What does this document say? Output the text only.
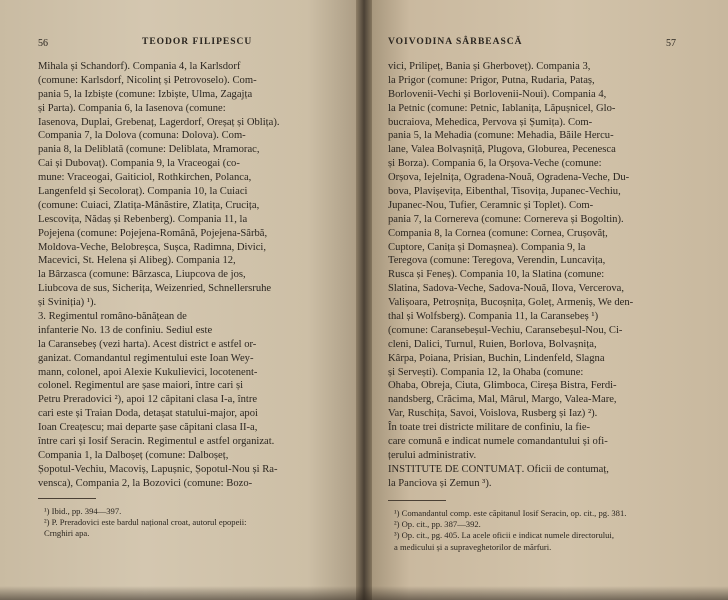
56	TEODOR FILIPESCU
Mihala și Schandorf). Compania 4, la Karlsdorf
(comune: Karlsdorf, Nicolinț și Petrovoselo). Com-
pania 5, la Izbiște (comune: Izbiște, Ulma, Zagajța
și Parta). Compania 6, la Iasenova (comune:
Iasenova, Duplai, Grebenaț, Lagerdorf, Oreșaț și Oblița).
Compania 7, la Dolova (comuna: Dolova). Com-
pania 8, la Deliblată (comune: Deliblata, Mramorac,
Cai și Dubovaț). Compania 9, la Vraceogai (co-
mune: Vraceogai, Gaiticiol, Rothkirchen, Polanca,
Langenfeld și Secoloraț). Compania 10, la Cuiaci
(comune: Cuiaci, Zlatița-Mânăstire, Zlatița, Crucița,
Lescovița, Nădaș și Rebenberg). Compania 11, la
Pojejena (comune: Pojejena-Română, Pojejena-Sârbă,
Moldova-Veche, Belobreșca, Sușca, Radimna, Divici,
Macevici, St. Helena și Alibeg). Compania 12,
la Bârzasca (comune: Bârzasca, Liupcova de jos,
Liubcova de sus, Sicherița, Weizenried, Schnellersruhe
și Sviniția) ¹).
3. Regimentul româno-bănățean de
infanterie No. 13 de confiniu. Sediul este
la Caransebeș (vezi harta). Acest district e astfel or-
ganizat. Comandantul regimentului este Ioan Wey-
mann, colonel, apoi Alexie Kukulievici, locotenent-
colonel. Regimentul are șase maiori, între cari și
Petru Preradovici ²), apoi 12 căpitani clasa I-a, între
cari este și Traian Doda, detașat statului-major, apoi
Ioan Creațescu; mai departe șase căpitani clasa II-a,
între cari și Iosif Seracin. Regimentul e astfel organizat.
Compania 1, la Dalboșeț (comune: Dalboșeț,
Șopotul-Vechiu, Macoviș, Lapușnic, Șopotul-Nou și Ra-
vensca), Compania 2, la Bozovici (comune: Bozo-
¹) Ibid., pp. 394—397.
²) P. Preradovici este bardul național croat, autorul epopeii:
Crnghiri apa.
VOIVODINA SÂRBEASCĂ	57
vici, Prilipeț, Bania și Gherboveț). Compania 3,
la Prigor (comune: Prigor, Putna, Rudaria, Pataș,
Borlovenii-Vechi și Borlovenii-Noui). Compania 4,
la Petnic (comune: Petnic, Iablanița, Lăpușnicel, Glo-
bucraiova, Mehedica, Pervova și Șumița). Com-
pania 5, la Mehadia (comune: Mehadia, Băile Hercu-
lane, Valea Bolvașniță, Plugova, Globurea, Pecenesca
și Borza). Compania 6, la Orșova-Veche (comune:
Orșova, Iejelnița, Ogradena-Nouă, Ogradena-Veche, Du-
bova, Plavișevița, Eibenthal, Tisovița, Jupanec-Vechiu,
Jupanec-Nou, Tufier, Ceramnic și Toplet). Com-
pania 7, la Cornereva (comune: Cornereva și Bogoltin).
Compania 8, la Cornea (comune: Cornea, Crușovăț,
Cuptore, Canița și Domașnea). Compania 9, la
Teregova (comune: Teregova, Verendin, Luncavița,
Rusca și Feneș). Compania 10, la Slatina (comune:
Slatina, Sadova-Veche, Sadova-Nouă, Ilova, Vercerova,
Valișoara, Petroșnița, Bucoșnița, Goleț, Armeniș, We den-
thal și Wolfsberg). Compania 11, la Caransebeș ¹)
(comune: Caransebeșul-Vechiu, Caransebeșul-Nou, Ci-
cleni, Dalici, Turnul, Ruien, Borlova, Bolvașnița,
Kârpa, Poiana, Prisian, Buchin, Lindenfeld, Slagna
și Servești). Compania 12, la Ohaba (comune:
Ohaba, Obreja, Ciuta, Glimboca, Cireșa Bistra, Ferdi-
nandsberg, Crăcima, Mal, Mârul, Margo, Valea-Mare,
Var, Ruschița, Savoi, Voislova, Rusberg și Iaz) ²).
În toate trei districte militare de confiniu, la fie-
care comună e indicat numele comandantului și ofi-
țerului administrativ.
INSTITUTE DE CONTUMAȚ. Oficii de contumaț,
la Panciova și Zemun ³).
¹) Comandantul comp. este căpitanul Iosif Seracin, op. cit., pg. 381.
²) Op. cit., pp. 387—392.
³) Op. cit., pg. 405. La acele oficii e indicat numele directorului,
a medicului și a supraveghetorilor de mărfuri.
